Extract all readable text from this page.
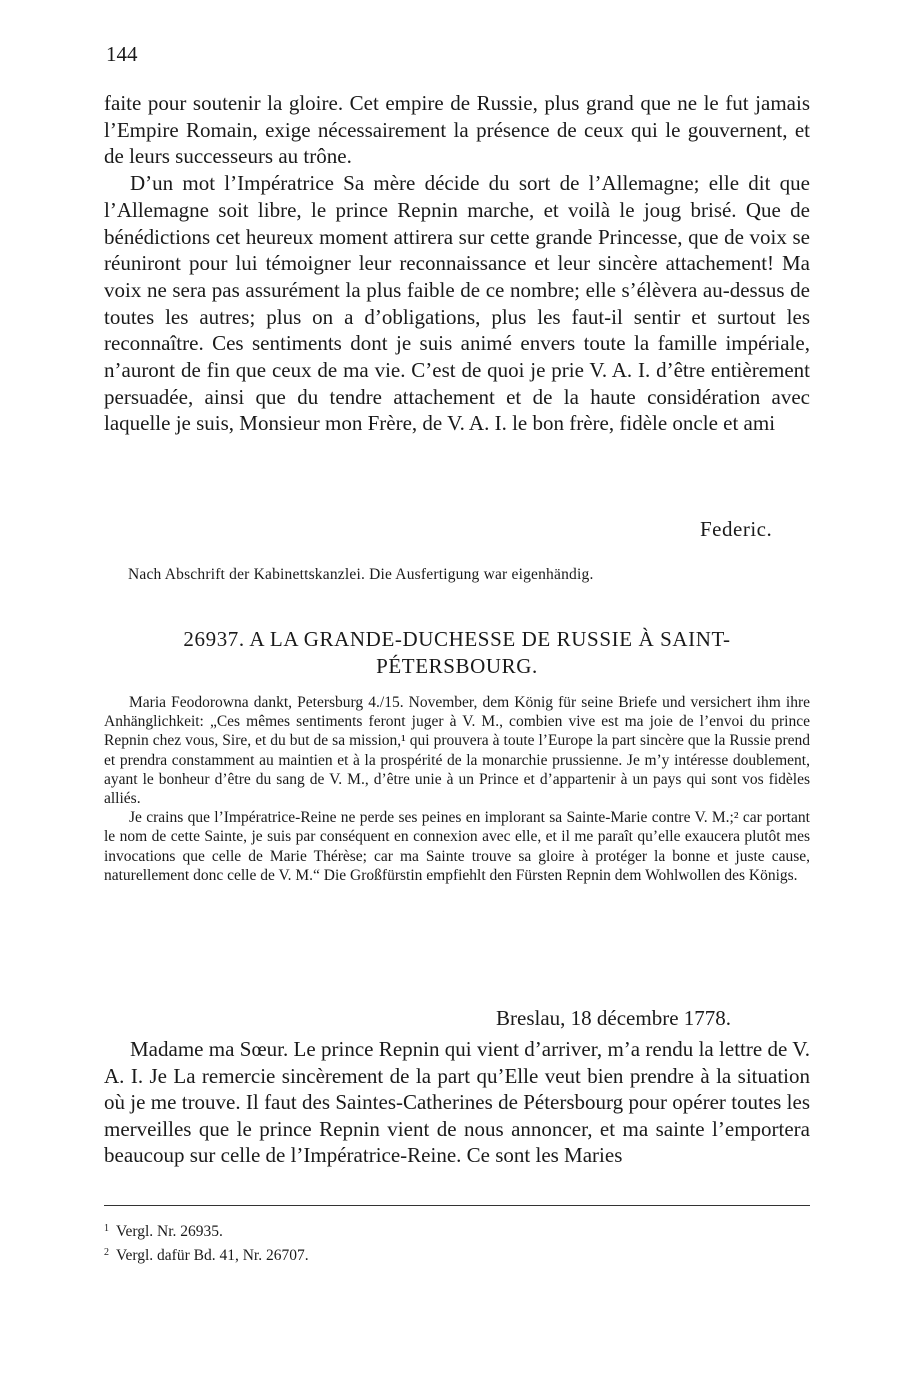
144

faite pour soutenir la gloire. Cet empire de Russie, plus grand que ne le fut jamais l’Empire Romain, exige nécessairement la présence de ceux qui le gouvernent, et de leurs successeurs au trône.

D’un mot l’Impératrice Sa mère décide du sort de l’Allemagne; elle dit que l’Allemagne soit libre, le prince Repnin marche, et voilà le joug brisé. Que de bénédictions cet heureux moment attirera sur cette grande Princesse, que de voix se réuniront pour lui témoigner leur reconnaissance et leur sincère attachement! Ma voix ne sera pas assurément la plus faible de ce nombre; elle s’élèvera au-dessus de toutes les autres; plus on a d’obligations, plus les faut-il sentir et surtout les reconnaître. Ces sentiments dont je suis animé envers toute la famille impériale, n’auront de fin que ceux de ma vie. C’est de quoi je prie V. A. I. d’être entièrement persuadée, ainsi que du tendre attachement et de la haute considération avec laquelle je suis, Monsieur mon Frère, de V. A. I. le bon frère, fidèle oncle et ami

Federic.
Nach Abschrift der Kabinettskanzlei. Die Ausfertigung war eigenhändig.
26937. A LA GRANDE-DUCHESSE DE RUSSIE À SAINT-
PÉTERSBOURG.

Maria Feodorowna dankt, Petersburg 4./15. November, dem König für seine Briefe und versichert ihm ihre Anhänglichkeit: „Ces mêmes sentiments feront juger à V. M., combien vive est ma joie de l’envoi du prince Repnin chez vous, Sire, et du but de sa mission,¹ qui prouvera à toute l’Europe la part sincère que la Russie prend et prendra constamment au maintien et à la prospérité de la monarchie prussienne. Je m’y intéresse doublement, ayant le bonheur d’être du sang de V. M., d’être unie à un Prince et d’appartenir à un pays qui sont vos fidèles alliés.

Je crains que l’Impératrice-Reine ne perde ses peines en implorant sa Sainte-Marie contre V. M.;² car portant le nom de cette Sainte, je suis par conséquent en connexion avec elle, et il me paraît qu’elle exaucera plutôt mes invocations que celle de Marie Thérèse; car ma Sainte trouve sa gloire à protéger la bonne et juste cause, naturellement donc celle de V. M.“ Die Großfürstin empfiehlt den Fürsten Repnin dem Wohlwollen des Königs.

Breslau, 18 décembre 1778.

Madame ma Sœur. Le prince Repnin qui vient d’arriver, m’a rendu la lettre de V. A. I. Je La remercie sincèrement de la part qu’Elle veut bien prendre à la situation où je me trouve. Il faut des Saintes-Catherines de Pétersbourg pour opérer toutes les merveilles que le prince Repnin vient de nous annoncer, et ma sainte l’emportera beaucoup sur celle de l’Impératrice-Reine. Ce sont les Maries

$^1$ Vergl. Nr. 26935.
$^2$ Vergl. dafür Bd. 41, Nr. 26707.
